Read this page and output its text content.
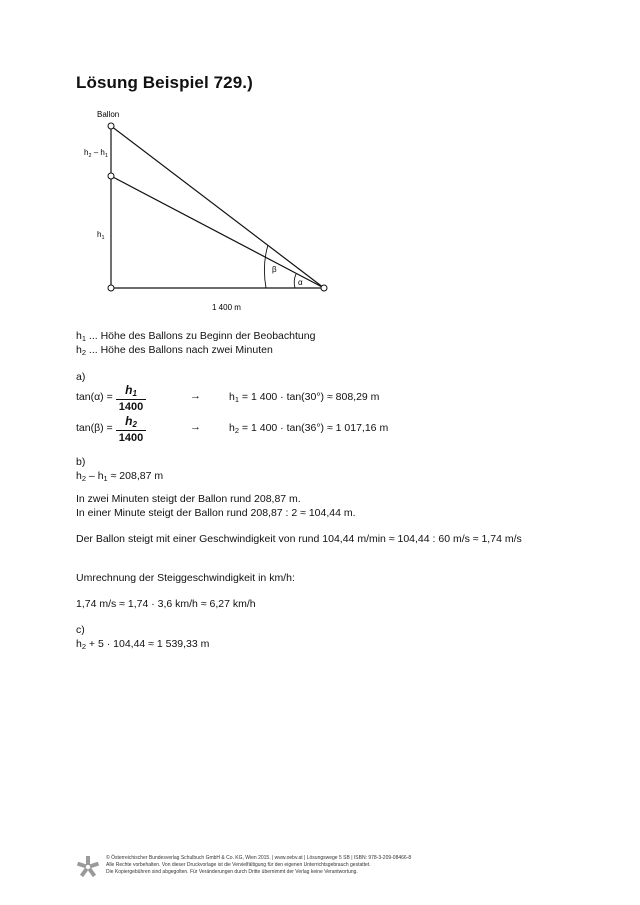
Lösung Beispiel 729.)
Ballon
$h_2 - h_1$
$h_1$
β
α
1 400 m
$h_1$ ... Höhe des Ballons zu Beginn der Beobachtung
$h_2$ ... Höhe des Ballons nach zwei Minuten
a)
$\tan(\alpha) = \frac{h_1}{1400}$	→	$h_1 = 1$ 400 · tan(30°) ≈ 808,29 m
$\tan(\beta) = \frac{h_2}{1400}$	→	$h_2 = 1$ 400 · tan(36°) ≈ 1 017,16 m
b)
$h_2 - h_1 \approx 208,87$ m
In zwei Minuten steigt der Ballon rund 208,87 m.
In einer Minute steigt der Ballon rund 208,87 : 2 ≈ 104,44 m.
Der Ballon steigt mit einer Geschwindigkeit von rund 104,44 m/min ≈ 104,44 : 60 m/s ≈ 1,74 m/s
Umrechnung der Steiggeschwindigkeit in km/h:
1,74 m/s ≈ 1,74 · 3,6 km/h ≈ 6,27 km/h
c)
$h_2 + 5 \cdot 104,44 \approx 1$ 539,33 m
© Österreichischer Bundesverlag Schulbuch GmbH & Co. KG, Wien 2015. | www.oebv.at | Lösungswege 5 SB | ISBN: 978-3-209-08466-8
Alle Rechte vorbehalten. Von dieser Druckvorlage ist die Vervielfältigung für den eigenen Unterrichtsgebrauch gestattet.
Die Kopiergebühren sind abgegolten. Für Veränderungen durch Dritte übernimmt der Verlag keine Verantwortung.
